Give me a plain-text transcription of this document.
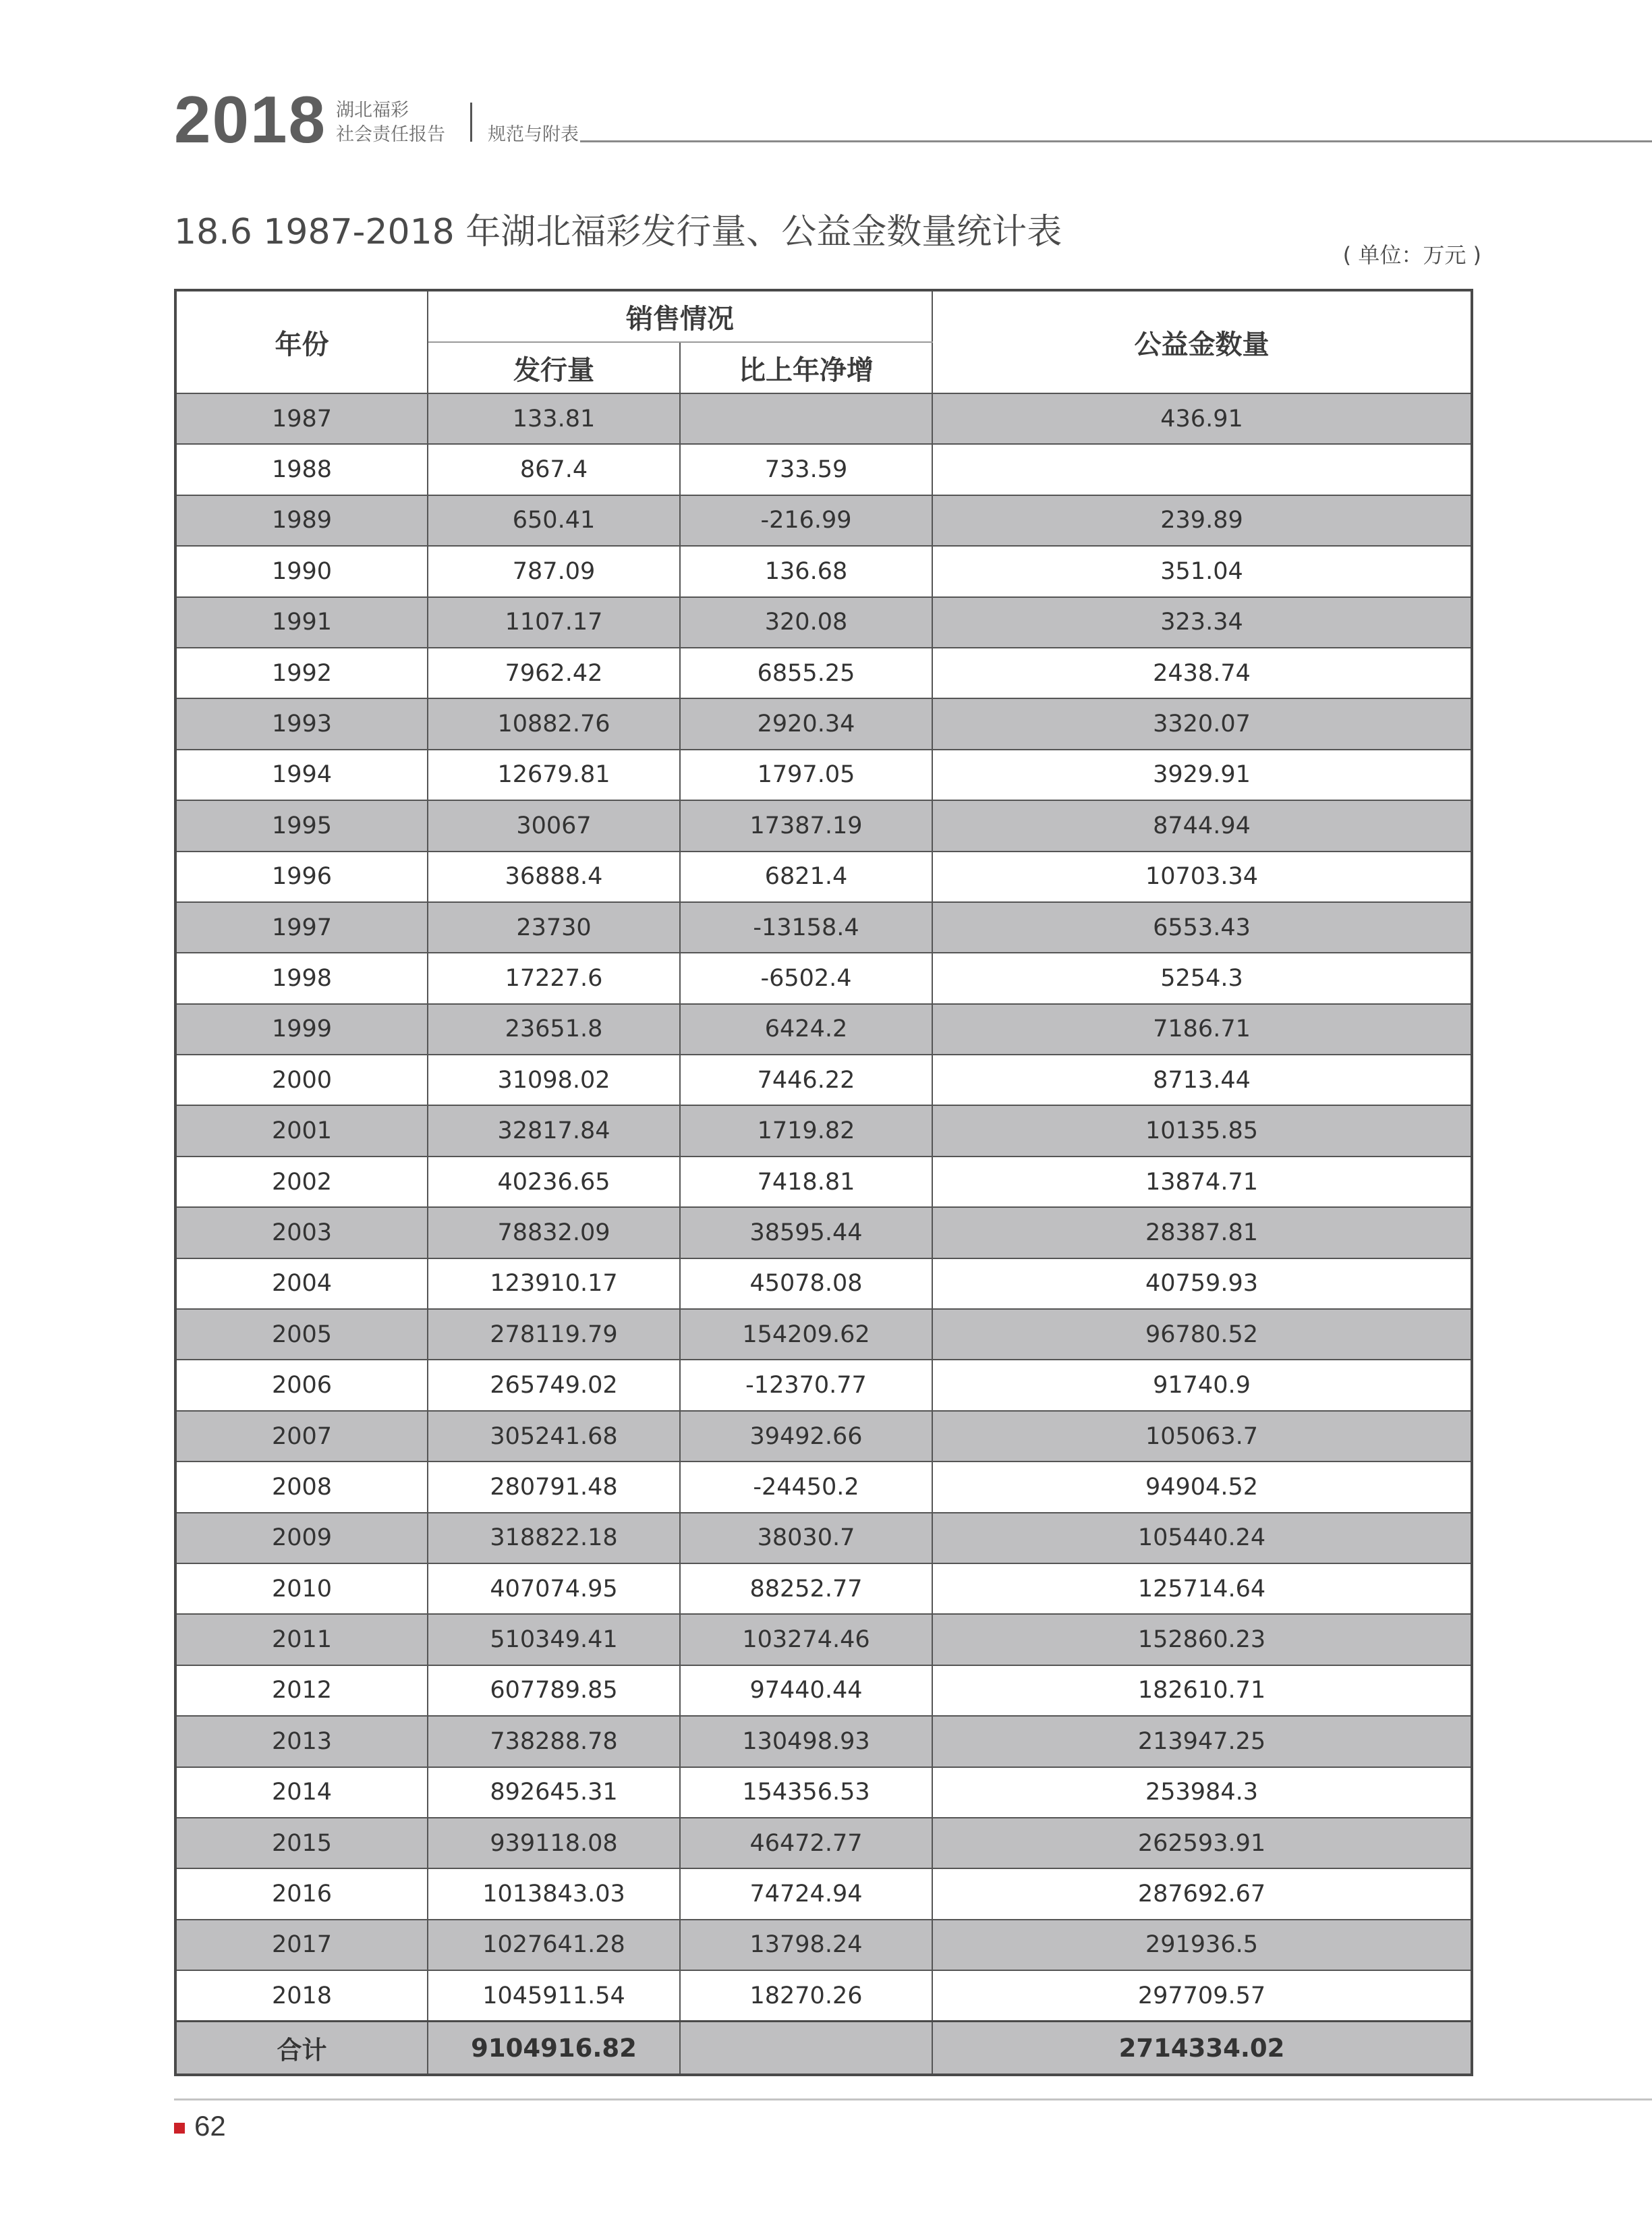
2018 湖北福彩
社会责任报告 规范与附表
18.6 1987-2018 年湖北福彩发行量、公益金数量统计表
( 单位：万元 )
年份	销售情况		公益金数量
	发行量	比上年净增	
1987	133.81		436.91
1988	867.4	733.59	
1989	650.41	-216.99	239.89
1990	787.09	136.68	351.04
1991	1107.17	320.08	323.34
1992	7962.42	6855.25	2438.74
1993	10882.76	2920.34	3320.07
1994	12679.81	1797.05	3929.91
1995	30067	17387.19	8744.94
1996	36888.4	6821.4	10703.34
1997	23730	-13158.4	6553.43
1998	17227.6	-6502.4	5254.3
1999	23651.8	6424.2	7186.71
2000	31098.02	7446.22	8713.44
2001	32817.84	1719.82	10135.85
2002	40236.65	7418.81	13874.71
2003	78832.09	38595.44	28387.81
2004	123910.17	45078.08	40759.93
2005	278119.79	154209.62	96780.52
2006	265749.02	-12370.77	91740.9
2007	305241.68	39492.66	105063.7
2008	280791.48	-24450.2	94904.52
2009	318822.18	38030.7	105440.24
2010	407074.95	88252.77	125714.64
2011	510349.41	103274.46	152860.23
2012	607789.85	97440.44	182610.71
2013	738288.78	130498.93	213947.25
2014	892645.31	154356.53	253984.3
2015	939118.08	46472.77	262593.91
2016	1013843.03	74724.94	287692.67
2017	1027641.28	13798.24	291936.5
2018	1045911.54	18270.26	297709.57
合计	9104916.82		2714334.02
62
